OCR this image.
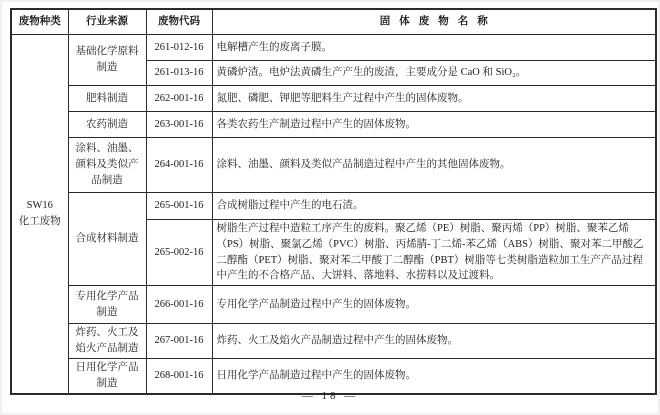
废物种类	行业来源	废物代码	固体废物名称

SW16
化工废物	基础化学原料制造	261-012-16	电解槽产生的废离子膜。
		261-013-16	黄磷炉渣。电炉法黄磷生产产生的废渣，主要成分是 CaO 和 SiO₂。
	肥料制造	262-001-16	氮肥、磷肥、钾肥等肥料生产过程中产生的固体废物。
	农药制造	263-001-16	各类农药生产制造过程中产生的固体废物。
	涂料、油墨、颜料及类似产品制造	264-001-16	涂料、油墨、颜料及类似产品制造过程中产生的其他固体废物。
	合成材料制造	265-001-16	合成树脂过程中产生的电石渣。
		265-002-16	树脂生产过程中造粒工序产生的废料。聚乙烯（PE）树脂、聚丙烯（PP）树脂、聚苯乙烯（PS）树脂、聚氯乙烯（PVC）树脂、丙烯腈-丁二烯-苯乙烯（ABS）树脂、聚对苯二甲酸乙二醇酯（PET）树脂、聚对苯二甲酸丁二醇酯（PBT）树脂等七类树脂造粒加工生产产品过程中产生的不合格产品、大饼料、落地料、水捞料以及过渡料。
	专用化学产品制造	266-001-16	专用化学产品制造过程中产生的固体废物。
	炸药、火工及焰火产品制造	267-001-16	炸药、火工及焰火产品制造过程中产生的固体废物。
	日用化学产品制造	268-001-16	日用化学产品制造过程中产生的固体废物。
— 18 —
